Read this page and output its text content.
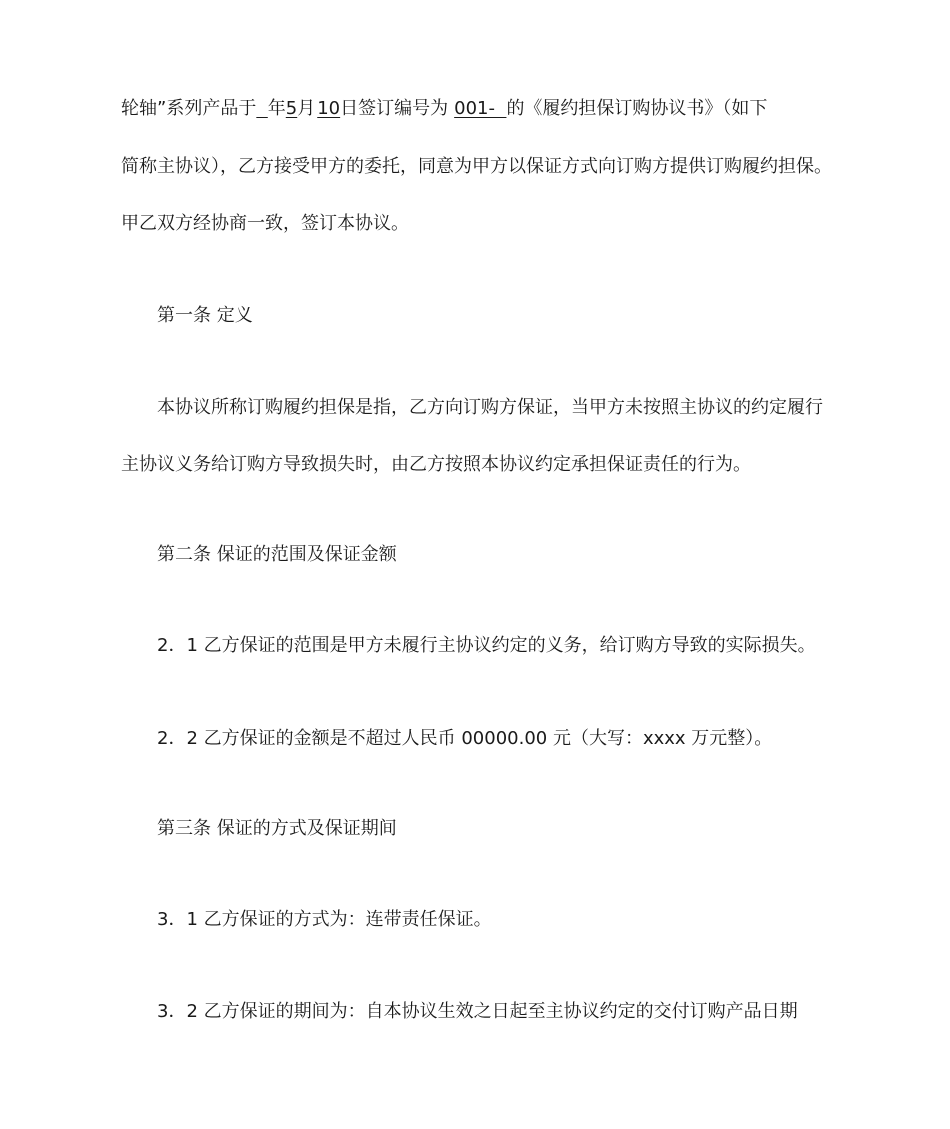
轮轴”系列产品于 年5月 10日签订编号为 001-  的《履约担保订购协议书》（如下
简称主协议），乙方接受甲方的委托，同意为甲方以保证方式向订购方提供订购履约担保。
甲乙双方经协商一致，签订本协议。
第一条 定义
本协议所称订购履约担保是指，乙方向订购方保证，当甲方未按照主协议的约定履行
主协议义务给订购方导致损失时，由乙方按照本协议约定承担保证责任的行为。
第二条 保证的范围及保证金额
2．1 乙方保证的范围是甲方未履行主协议约定的义务，给订购方导致的实际损失。
2．2 乙方保证的金额是不超过人民币 00000.00 元（大写：xxxx 万元整）。
第三条 保证的方式及保证期间
3．1 乙方保证的方式为：连带责任保证。
3．2 乙方保证的期间为：自本协议生效之日起至主协议约定的交付订购产品日期
